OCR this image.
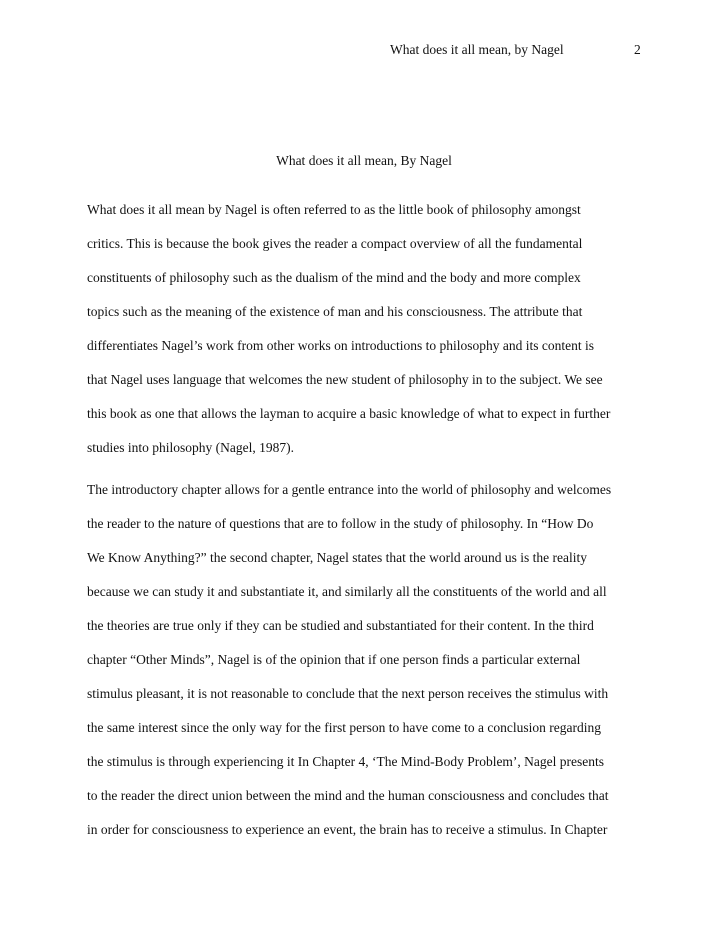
What does it all mean, by Nagel	2
What does it all mean, By Nagel
What does it all mean by Nagel is often referred to as the little book of philosophy amongst
critics. This is because the book gives the reader a compact overview of all the fundamental
constituents of philosophy such as the dualism of the mind and the body and more complex
topics such as the meaning of the existence of man and his consciousness. The attribute that
differentiates Nagel’s work from other works on introductions to philosophy and its content is
that Nagel uses language that welcomes the new student of philosophy in to the subject. We see
this book as one that allows the layman to acquire a basic knowledge of what to expect in further
studies into philosophy (Nagel, 1987).
The introductory chapter allows for a gentle entrance into the world of philosophy and welcomes
the reader to the nature of questions that are to follow in the study of philosophy. In “How Do
We Know Anything?” the second chapter, Nagel states that the world around us is the reality
because we can study it and substantiate it, and similarly all the constituents of the world and all
the theories are true only if they can be studied and substantiated for their content. In the third
chapter “Other Minds”, Nagel is of the opinion that if one person finds a particular external
stimulus pleasant, it is not reasonable to conclude that the next person receives the stimulus with
the same interest since the only way for the first person to have come to a conclusion regarding
the stimulus is through experiencing it In Chapter 4, ‘The Mind-Body Problem’, Nagel presents
to the reader the direct union between the mind and the human consciousness and concludes that
in order for consciousness to experience an event, the brain has to receive a stimulus. In Chapter
